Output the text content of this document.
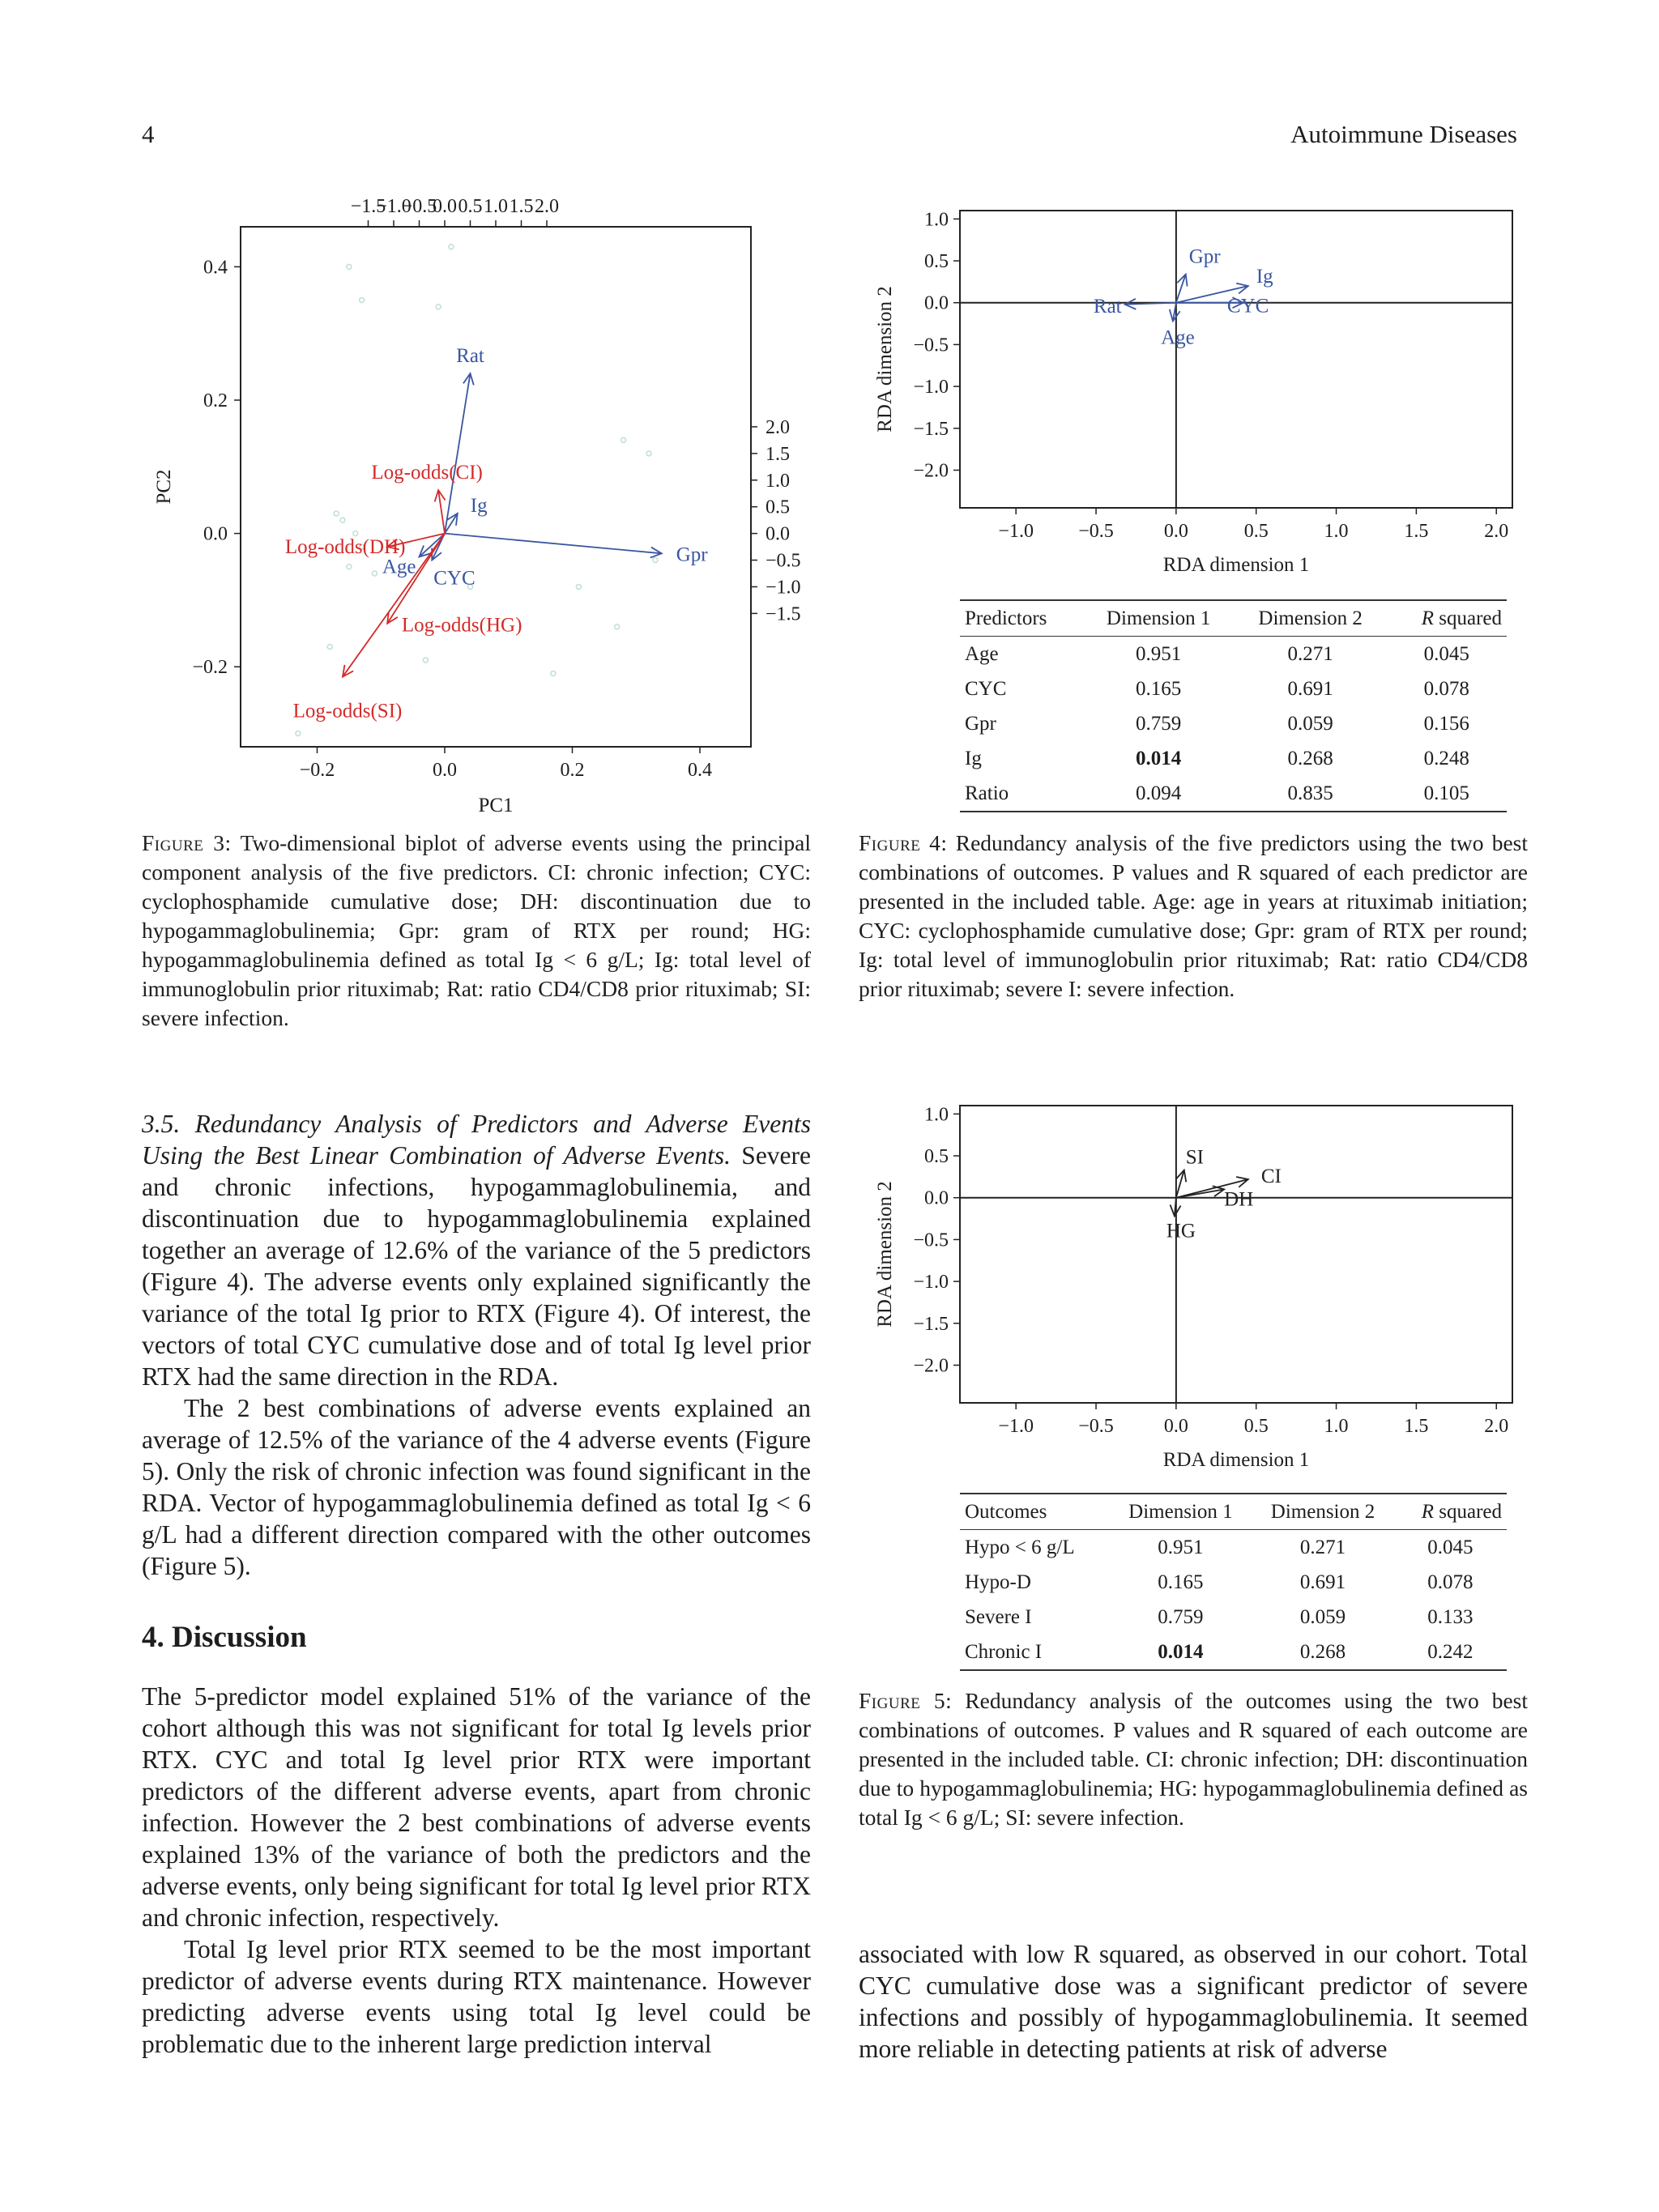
4	Autoimmune Diseases
−0.2	0.0	0.2	0.4
−0.2
0.0
0.2
0.4
−1.5
−1.0
−0.5
0.0 0.5 1.0 1.5 2.0
−1.5
−1.0
−0.5
0.0
0.5
1.0
1.5
2.0
PC1
PC2
Rat
Ig
Gpr
Age
CYC
Log-odds(CI)
Log-odds(DH)
Log-odds(HG)
Log-odds(SI)
Figure 3: Two-dimensional biplot of adverse events using the principal component analysis of the five predictors. CI: chronic infection; CYC: cyclophosphamide cumulative dose; DH: discontinuation due to hypogammaglobulinemia; Gpr: gram of RTX per round; HG: hypogammaglobulinemia defined as total Ig < 6 g/L; Ig: total level of immunoglobulin prior rituximab; Rat: ratio CD4/CD8 prior rituximab; SI: severe infection.
−1.0 −0.5	0.0	0.5	1.0	1.5	2.0
1.0
0.5
0.0
−0.5
−1.0
−1.5
−2.0
RDA dimension 1
RDA dimension 2
Gpr
Ig
CYC
Rat
Age
Predictors	Dimension 1	Dimension 2	R squared
Age	0.951	0.271	0.045
CYC	0.165	0.691	0.078
Gpr	0.759	0.059	0.156
Ig	0.014	0.268	0.248
Ratio	0.094	0.835	0.105
Figure 4: Redundancy analysis of the five predictors using the two best combinations of outcomes. P values and R squared of each predictor are presented in the included table. Age: age in years at rituximab initiation; CYC: cyclophosphamide cumulative dose; Gpr: gram of RTX per round; Ig: total level of immunoglobulin prior rituximab; Rat: ratio CD4/CD8 prior rituximab; severe I: severe infection.

3.5. Redundancy Analysis of Predictors and Adverse Events Using the Best Linear Combination of Adverse Events. Severe and chronic infections, hypogammaglobulinemia, and discontinuation due to hypogammaglobulinemia explained together an average of 12.6% of the variance of the 5 predictors (Figure 4). The adverse events only explained significantly the variance of the total Ig prior to RTX (Figure 4). Of interest, the vectors of total CYC cumulative dose and of total Ig level prior RTX had the same direction in the RDA.

The 2 best combinations of adverse events explained an average of 12.5% of the variance of the 4 adverse events (Figure 5). Only the risk of chronic infection was found significant in the RDA. Vector of hypogammaglobulinemia defined as total Ig < 6 g/L had a different direction compared with the other outcomes (Figure 5).

−1.0 −0.5	0.0	0.5	1.0	1.5	2.0
1.0
0.5
0.0
−0.5
−1.0
−1.5
−2.0
RDA dimension 1
RDA dimension 2
SI
CI
DH
HG
Outcomes	Dimension 1	Dimension 2	R squared
Hypo < 6 g/L	0.951	0.271	0.045
Hypo-D	0.165	0.691	0.078
Severe I	0.759	0.059	0.133
Chronic I	0.014	0.268	0.242
Figure 5: Redundancy analysis of the outcomes using the two best combinations of outcomes. P values and R squared of each outcome are presented in the included table. CI: chronic infection; DH: discontinuation due to hypogammaglobulinemia; HG: hypogammaglobulinemia defined as total Ig < 6 g/L; SI: severe infection.
4. Discussion

The 5-predictor model explained 51% of the variance of the cohort although this was not significant for total Ig levels prior RTX. CYC and total Ig level prior RTX were important predictors of the different adverse events, apart from chronic infection. However the 2 best combinations of adverse events explained 13% of the variance of both the predictors and the adverse events, only being significant for total Ig level prior RTX and chronic infection, respectively.

Total Ig level prior RTX seemed to be the most important predictor of adverse events during RTX maintenance. However predicting adverse events using total Ig level could be problematic due to the inherent large prediction interval

associated with low R squared, as observed in our cohort. Total CYC cumulative dose was a significant predictor of severe infections and possibly of hypogammaglobulinemia. It seemed more reliable in detecting patients at risk of adverse
